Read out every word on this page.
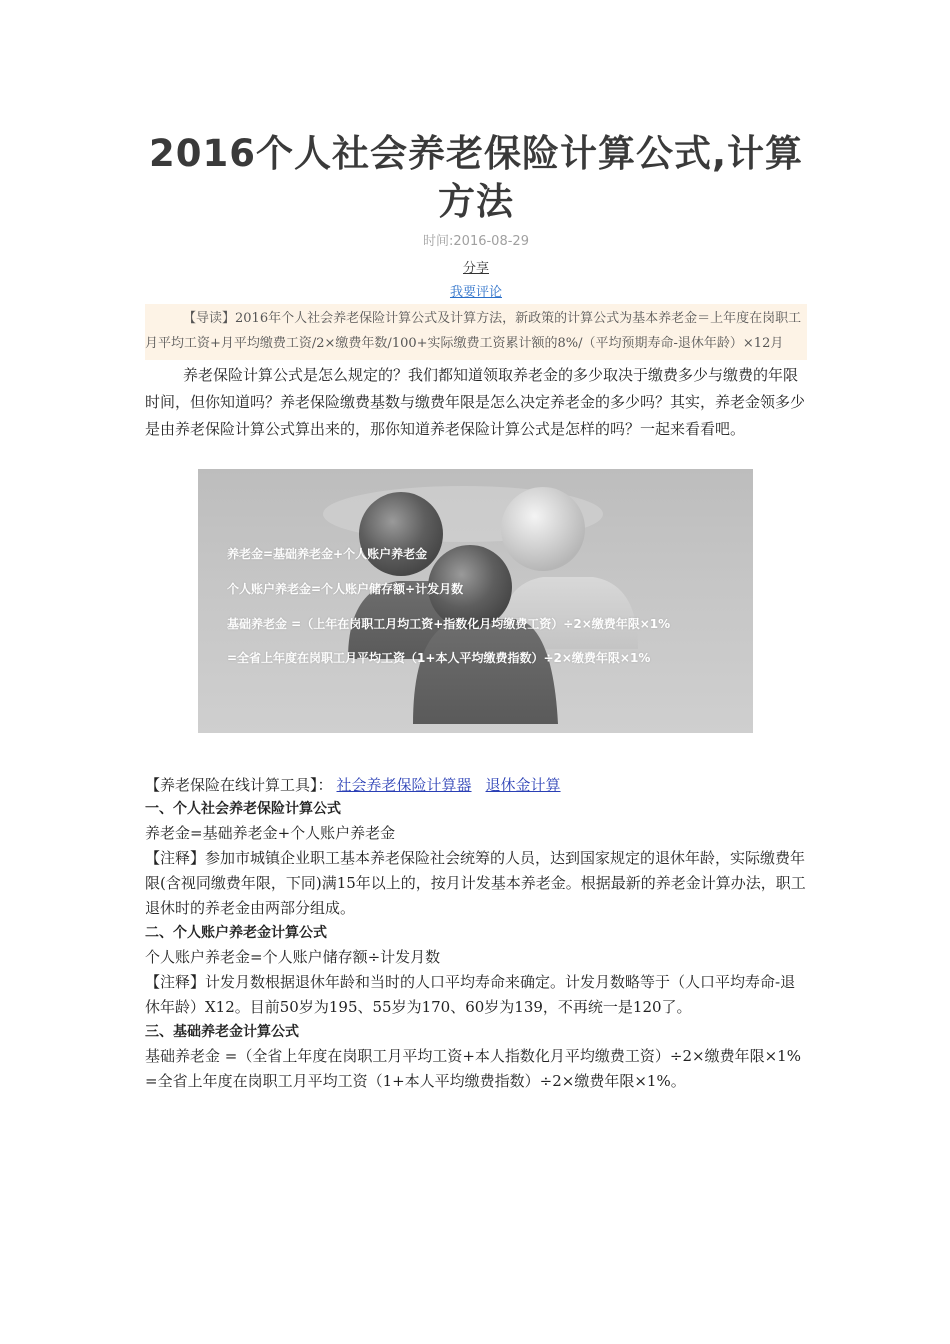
2016个人社会养老保险计算公式,计算
方法
时间:2016-08-29
分享
我要评论
【导读】2016年个人社会养老保险计算公式及计算方法，新政策的计算公式为基本养老金＝上年度在岗职工月平均工资+月平均缴费工资/2×缴费年数/100+实际缴费工资累计额的8%/（平均预期寿命-退休年龄）×12月
养老保险计算公式是怎么规定的？我们都知道领取养老金的多少取决于缴费多少与缴费的年限时间，但你知道吗？养老保险缴费基数与缴费年限是怎么决定养老金的多少吗？其实，养老金领多少是由养老保险计算公式算出来的，那你知道养老保险计算公式是怎样的吗？一起来看看吧。
养老金=基础养老金+个人账户养老金
个人账户养老金=个人账户储存额÷计发月数
基础养老金 =（上年在岗职工月均工资+指数化月均缴费工资）÷2×缴费年限×1%
=全省上年度在岗职工月平均工资（1+本人平均缴费指数）÷2×缴费年限×1%
【养老保险在线计算工具】： 社会养老保险计算器 退休金计算
一、个人社会养老保险计算公式
养老金=基础养老金+个人账户养老金
【注释】参加市城镇企业职工基本养老保险社会统筹的人员，达到国家规定的退休年龄，实际缴费年限(含视同缴费年限，下同)满15年以上的，按月计发基本养老金。根据最新的养老金计算办法，职工退休时的养老金由两部分组成。
二、个人账户养老金计算公式
个人账户养老金=个人账户储存额÷计发月数
【注释】计发月数根据退休年龄和当时的人口平均寿命来确定。计发月数略等于（人口平均寿命-退休年龄）X12。目前50岁为195、55岁为170、60岁为139，不再统一是120了。
三、基础养老金计算公式
基础养老金 =（全省上年度在岗职工月平均工资+本人指数化月平均缴费工资）÷2×缴费年限×1% =全省上年度在岗职工月平均工资（1+本人平均缴费指数）÷2×缴费年限×1%。
